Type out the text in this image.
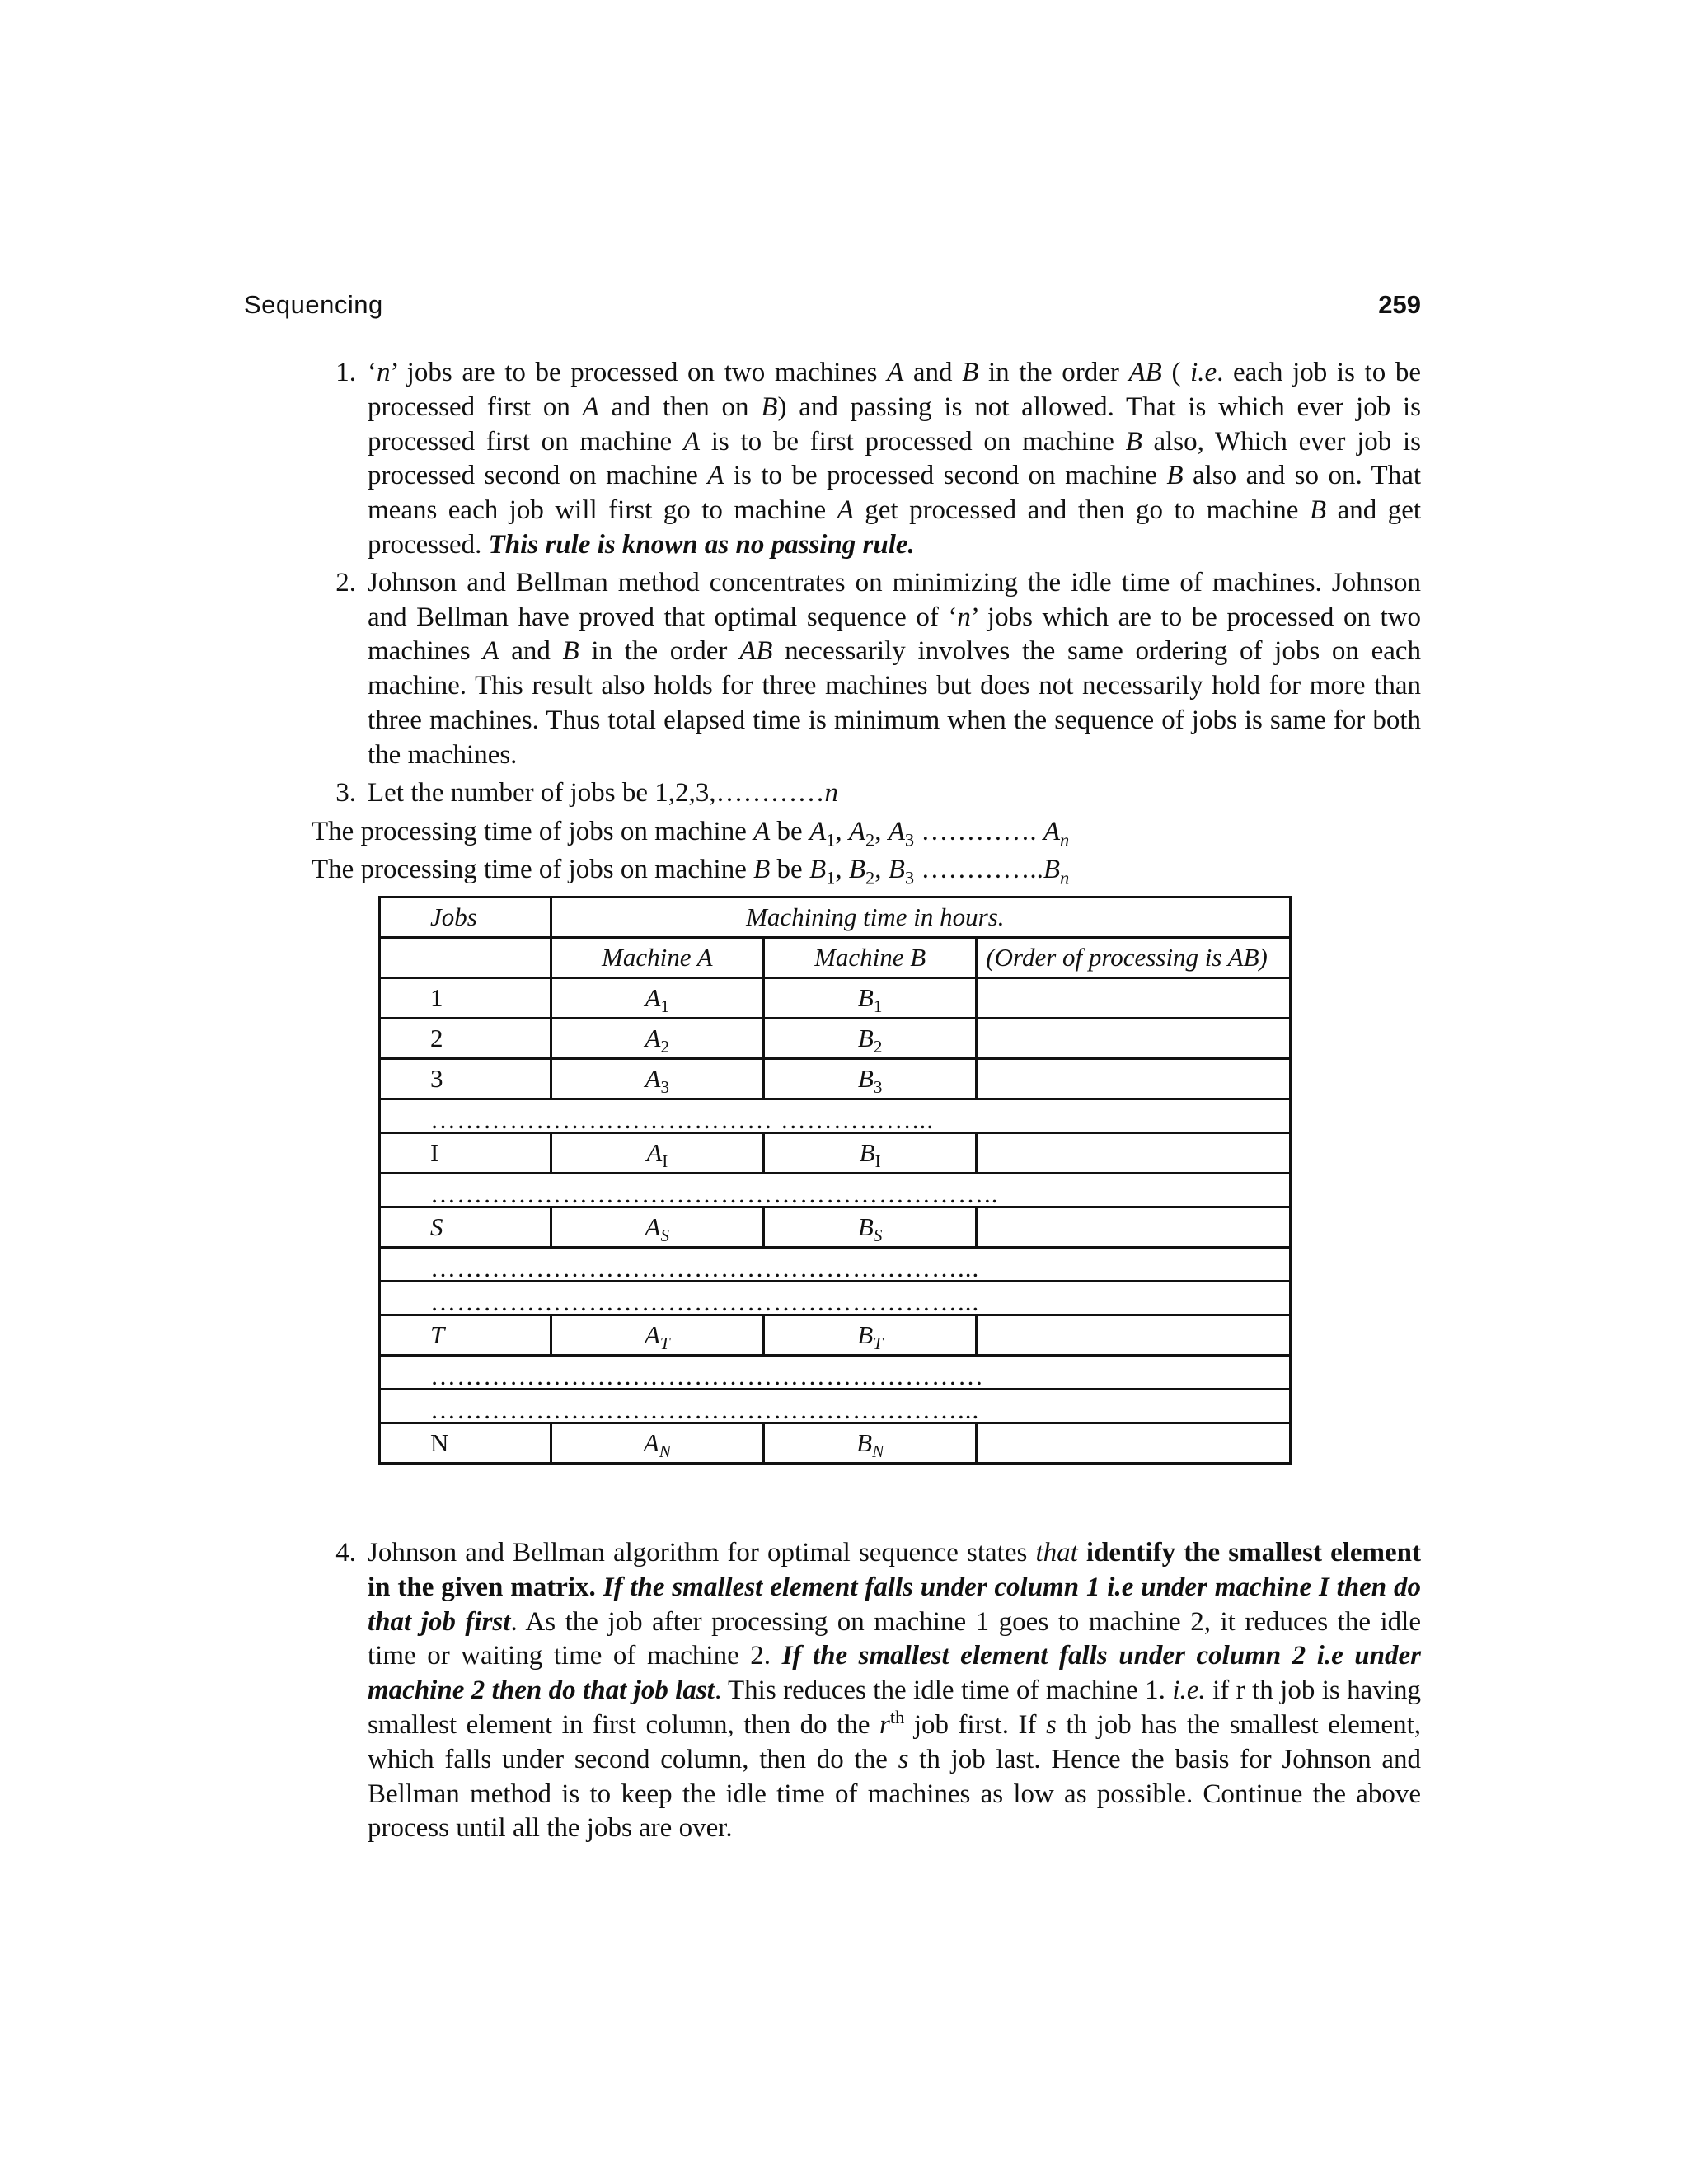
Sequencing	259

1. ‘n’ jobs are to be processed on two machines A and B in the order AB ( i.e. each job is to be processed first on A and then on B) and passing is not allowed. That is which ever job is processed first on machine A is to be first processed on machine B also, Which ever job is processed second on machine A is to be processed second on machine B also and so on. That means each job will first go to machine A get processed and then go to machine B and get processed. This rule is known as no passing rule.

2. Johnson and Bellman method concentrates on minimizing the idle time of machines. Johnson and Bellman have proved that optimal sequence of ‘n’ jobs which are to be processed on two machines A and B in the order AB necessarily involves the same ordering of jobs on each machine. This result also holds for three machines but does not necessarily hold for more than three machines. Thus total elapsed time is minimum when the sequence of jobs is same for both the machines.

3. Let the number of jobs be 1,2,3,…………n

The processing time of jobs on machine A be $A_1$, $A_2$, $A_3$ …………. $A_n$
The processing time of jobs on machine B be $B_1$, $B_2$, $B_3$ $\dots\dots\dots\dots..B_n$
Jobs	Machining time in hours.		
	Machine A	Machine B	(Order of processing is AB)
1	$A_1$	$B_1$	
2	$A_2$	$B_2$	
3	$A_3$	$B_3$	

………………………………… ……………...			

I	$A_I$	$B_I$	

………………………………………………………..			

S	$A_S$	$B_S$	

……………………………………………………...			

……………………………………………………...			

T	$A_T$	$B_T$	

………………………………………………………			

……………………………………………………...			

N	$A_N$	$B_N$	

4. Johnson and Bellman algorithm for optimal sequence states that identify the smallest element in the given matrix. If the smallest element falls under column 1 i.e under machine I then do that job first. As the job after processing on machine 1 goes to machine 2, it reduces the idle time or waiting time of machine 2. If the smallest element falls under column 2 i.e under machine 2 then do that job last. This reduces the idle time of machine 1. i.e. if r th job is having smallest element in first column, then do the $r^{th}$ job first. If s th job has the smallest element, which falls under second column, then do the s th job last. Hence the basis for Johnson and Bellman method is to keep the idle time of machines as low as possible. Continue the above process until all the jobs are over.
